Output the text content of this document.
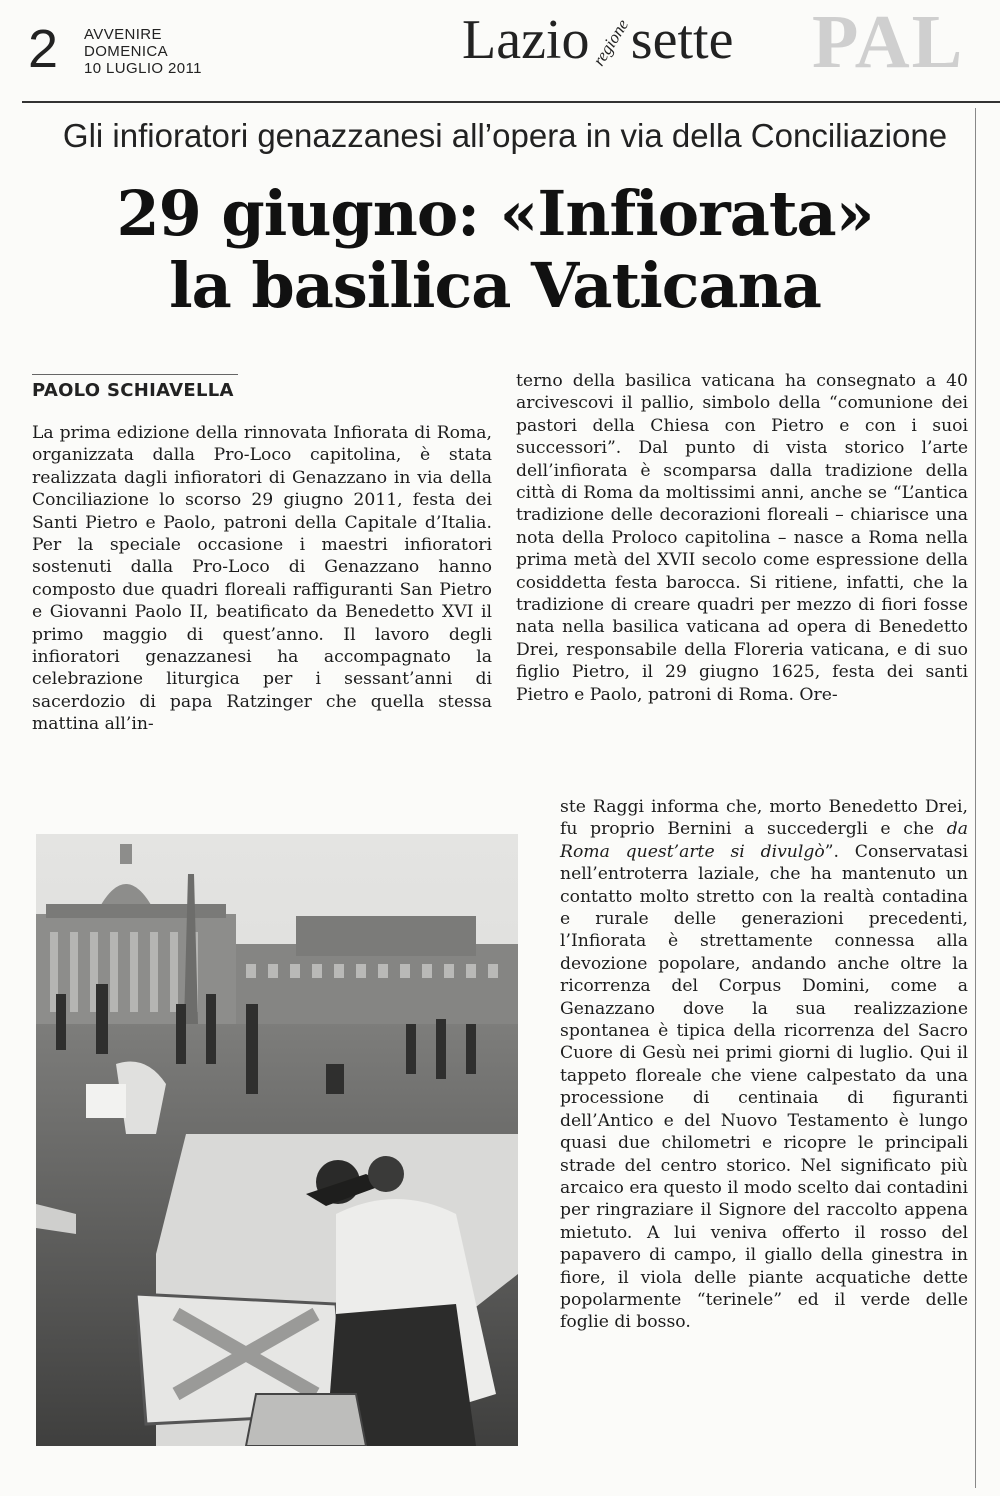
2 AVVENIRE
DOMENICA
10 LUGLIO 2011	Lazioregionesette PAL
Gli infioratori genazzanesi all’opera in via della Conciliazione
29 giugno: «Infiorata»
la basilica Vaticana
PAOLO SCHIAVELLA
La prima edizione della rinnovata Infiorata di Roma, organizzata dalla Pro-Loco capitolina, è stata realizzata dagli infioratori di Genazzano in via della Conciliazione lo scorso 29 giugno 2011, festa dei Santi Pietro e Paolo, patroni della Capitale d’Italia. Per la speciale occasione i maestri infioratori sostenuti dalla Pro-Loco di Genazzano hanno composto due quadri floreali raffiguranti San Pietro e Giovanni Paolo II, beatificato da Benedetto XVI il primo maggio di quest’anno. Il lavoro degli infioratori genazzanesi ha accompagnato la celebrazione liturgica per i sessant’anni di sacerdozio di papa Ratzinger che quella stessa mattina all’in-
terno della basilica vaticana ha consegnato a 40 arcivescovi il pallio, simbolo della “comunione dei pastori della Chiesa con Pietro e con i suoi successori”. Dal punto di vista storico l’arte dell’infiorata è scomparsa dalla tradizione della città di Roma da moltissimi anni, anche se “L’antica tradizione delle decorazioni floreali – chiarisce una nota della Proloco capitolina – nasce a Roma nella prima metà del XVII secolo come espressione della cosiddetta festa barocca. Si ritiene, infatti, che la tradizione di creare quadri per mezzo di fiori fosse nata nella basilica vaticana ad opera di Benedetto Drei, responsabile della Floreria vaticana, e di suo figlio Pietro, il 29 giugno 1625, festa dei santi Pietro e Paolo, patroni di Roma. Ore-
ste Raggi informa che, morto Benedetto Drei, fu proprio Bernini a succedergli e che da Roma quest’arte si divulgò”. Conservatasi nell’entroterra laziale, che ha mantenuto un contatto molto stretto con la realtà contadina e rurale delle generazioni precedenti, l’Infiorata è strettamente connessa alla devozione popolare, andando anche oltre la ricorrenza del Corpus Domini, come a Genazzano dove la sua realizzazione spontanea è tipica della ricorrenza del Sacro Cuore di Gesù nei primi giorni di luglio. Qui il tappeto floreale che viene calpestato da una processione di centinaia di figuranti dell’Antico e del Nuovo Testamento è lungo quasi due chilometri e ricopre le principali strade del centro storico. Nel significato più arcaico era questo il modo scelto dai contadini per ringraziare il Signore del raccolto appena mietuto. A lui veniva offerto il rosso del papavero di campo, il giallo della ginestra in fiore, il viola delle piante acquatiche dette popolarmente “terinele” ed il verde delle foglie di bosso.
